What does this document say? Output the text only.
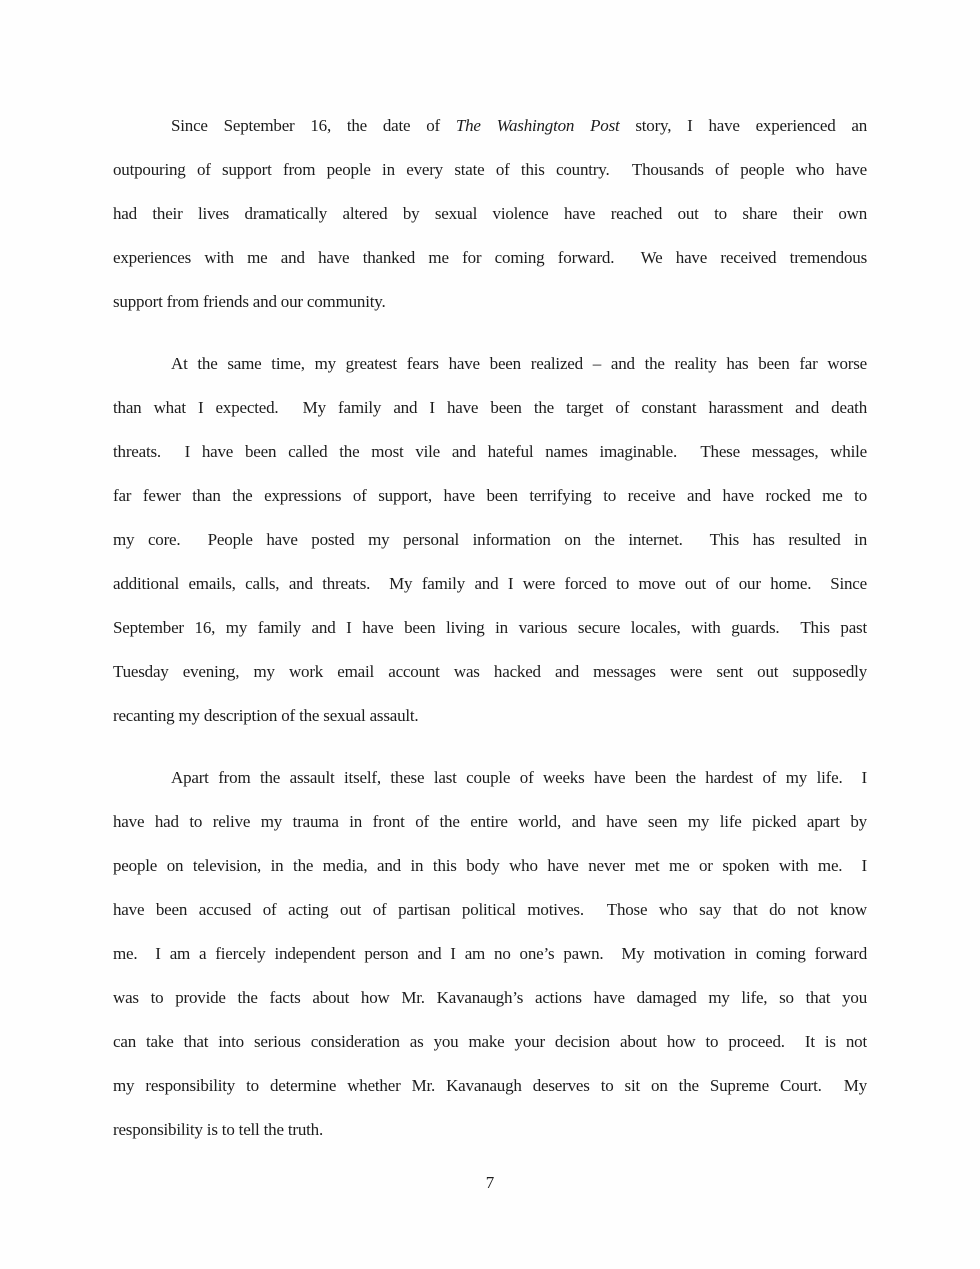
Since September 16, the date of The Washington Post story, I have experienced an
outpouring of support from people in every state of this country.  Thousands of people who have
had their lives dramatically altered by sexual violence have reached out to share their own
experiences with me and have thanked me for coming forward.  We have received tremendous
support from friends and our community.
At the same time, my greatest fears have been realized – and the reality has been far worse
than what I expected.  My family and I have been the target of constant harassment and death
threats.  I have been called the most vile and hateful names imaginable.  These messages, while
far fewer than the expressions of support, have been terrifying to receive and have rocked me to
my core.  People have posted my personal information on the internet.  This has resulted in
additional emails, calls, and threats.  My family and I were forced to move out of our home.  Since
September 16, my family and I have been living in various secure locales, with guards.  This past
Tuesday evening, my work email account was hacked and messages were sent out supposedly
recanting my description of the sexual assault.
Apart from the assault itself, these last couple of weeks have been the hardest of my life.  I
have had to relive my trauma in front of the entire world, and have seen my life picked apart by
people on television, in the media, and in this body who have never met me or spoken with me.  I
have been accused of acting out of partisan political motives.  Those who say that do not know
me.  I am a fiercely independent person and I am no one’s pawn.  My motivation in coming forward
was to provide the facts about how Mr. Kavanaugh’s actions have damaged my life, so that you
can take that into serious consideration as you make your decision about how to proceed.  It is not
my responsibility to determine whether Mr. Kavanaugh deserves to sit on the Supreme Court.  My
responsibility is to tell the truth.
7
